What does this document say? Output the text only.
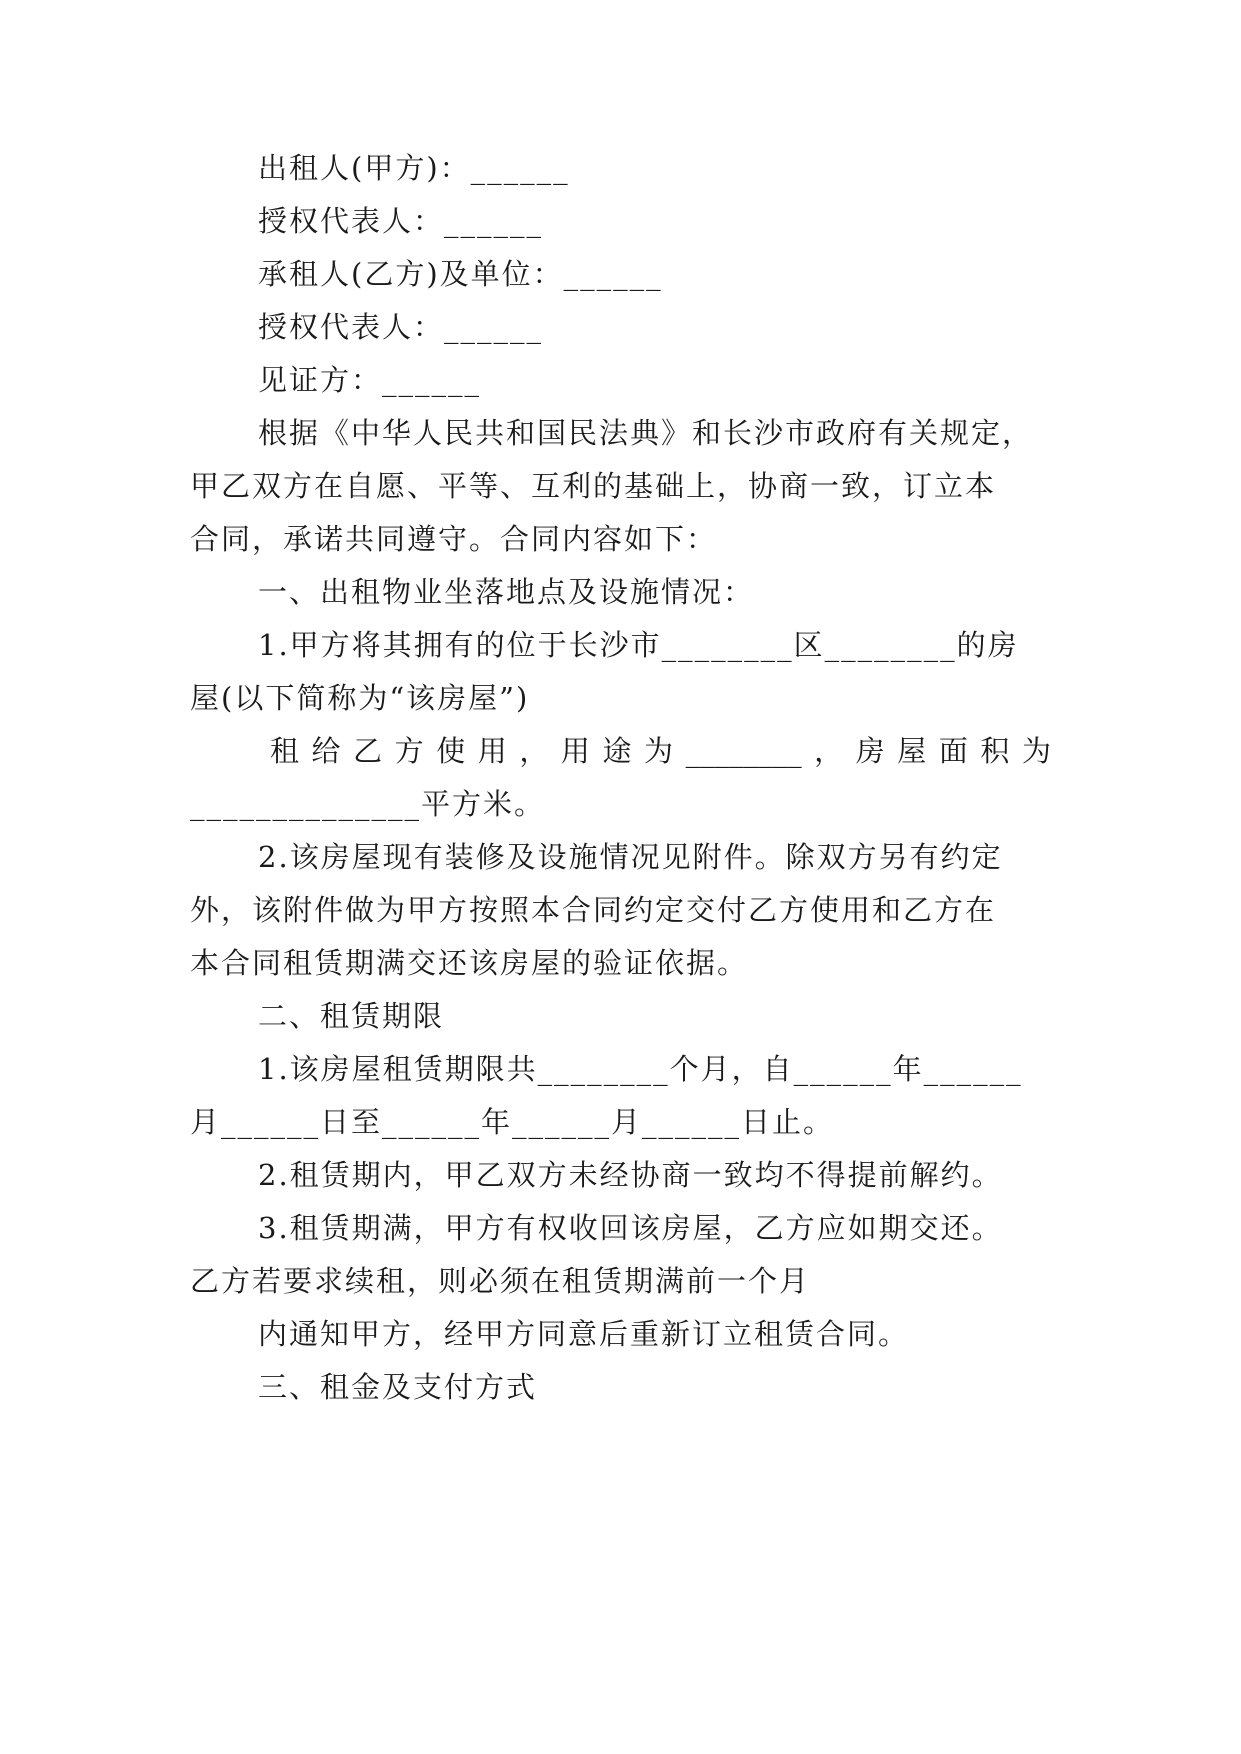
出租人(甲方)：______
授权代表人：______
承租人(乙方)及单位：______
授权代表人：______
见证方：______
根据《中华人民共和国民法典》和长沙市政府有关规定，
甲乙双方在自愿、平等、互利的基础上，协商一致，订立本
合同，承诺共同遵守。合同内容如下：
一、出租物业坐落地点及设施情况：
1.甲方将其拥有的位于长沙市________区________的房
屋(以下简称为“该房屋”)
租给乙方使用，用途为________，房屋面积为
______________平方米。
2.该房屋现有装修及设施情况见附件。除双方另有约定
外，该附件做为甲方按照本合同约定交付乙方使用和乙方在
本合同租赁期满交还该房屋的验证依据。
二、租赁期限
1.该房屋租赁期限共________个月，自______年______
月______日至______年______月______日止。
2.租赁期内，甲乙双方未经协商一致均不得提前解约。
3.租赁期满，甲方有权收回该房屋，乙方应如期交还。
乙方若要求续租，则必须在租赁期满前一个月
内通知甲方，经甲方同意后重新订立租赁合同。
三、租金及支付方式
